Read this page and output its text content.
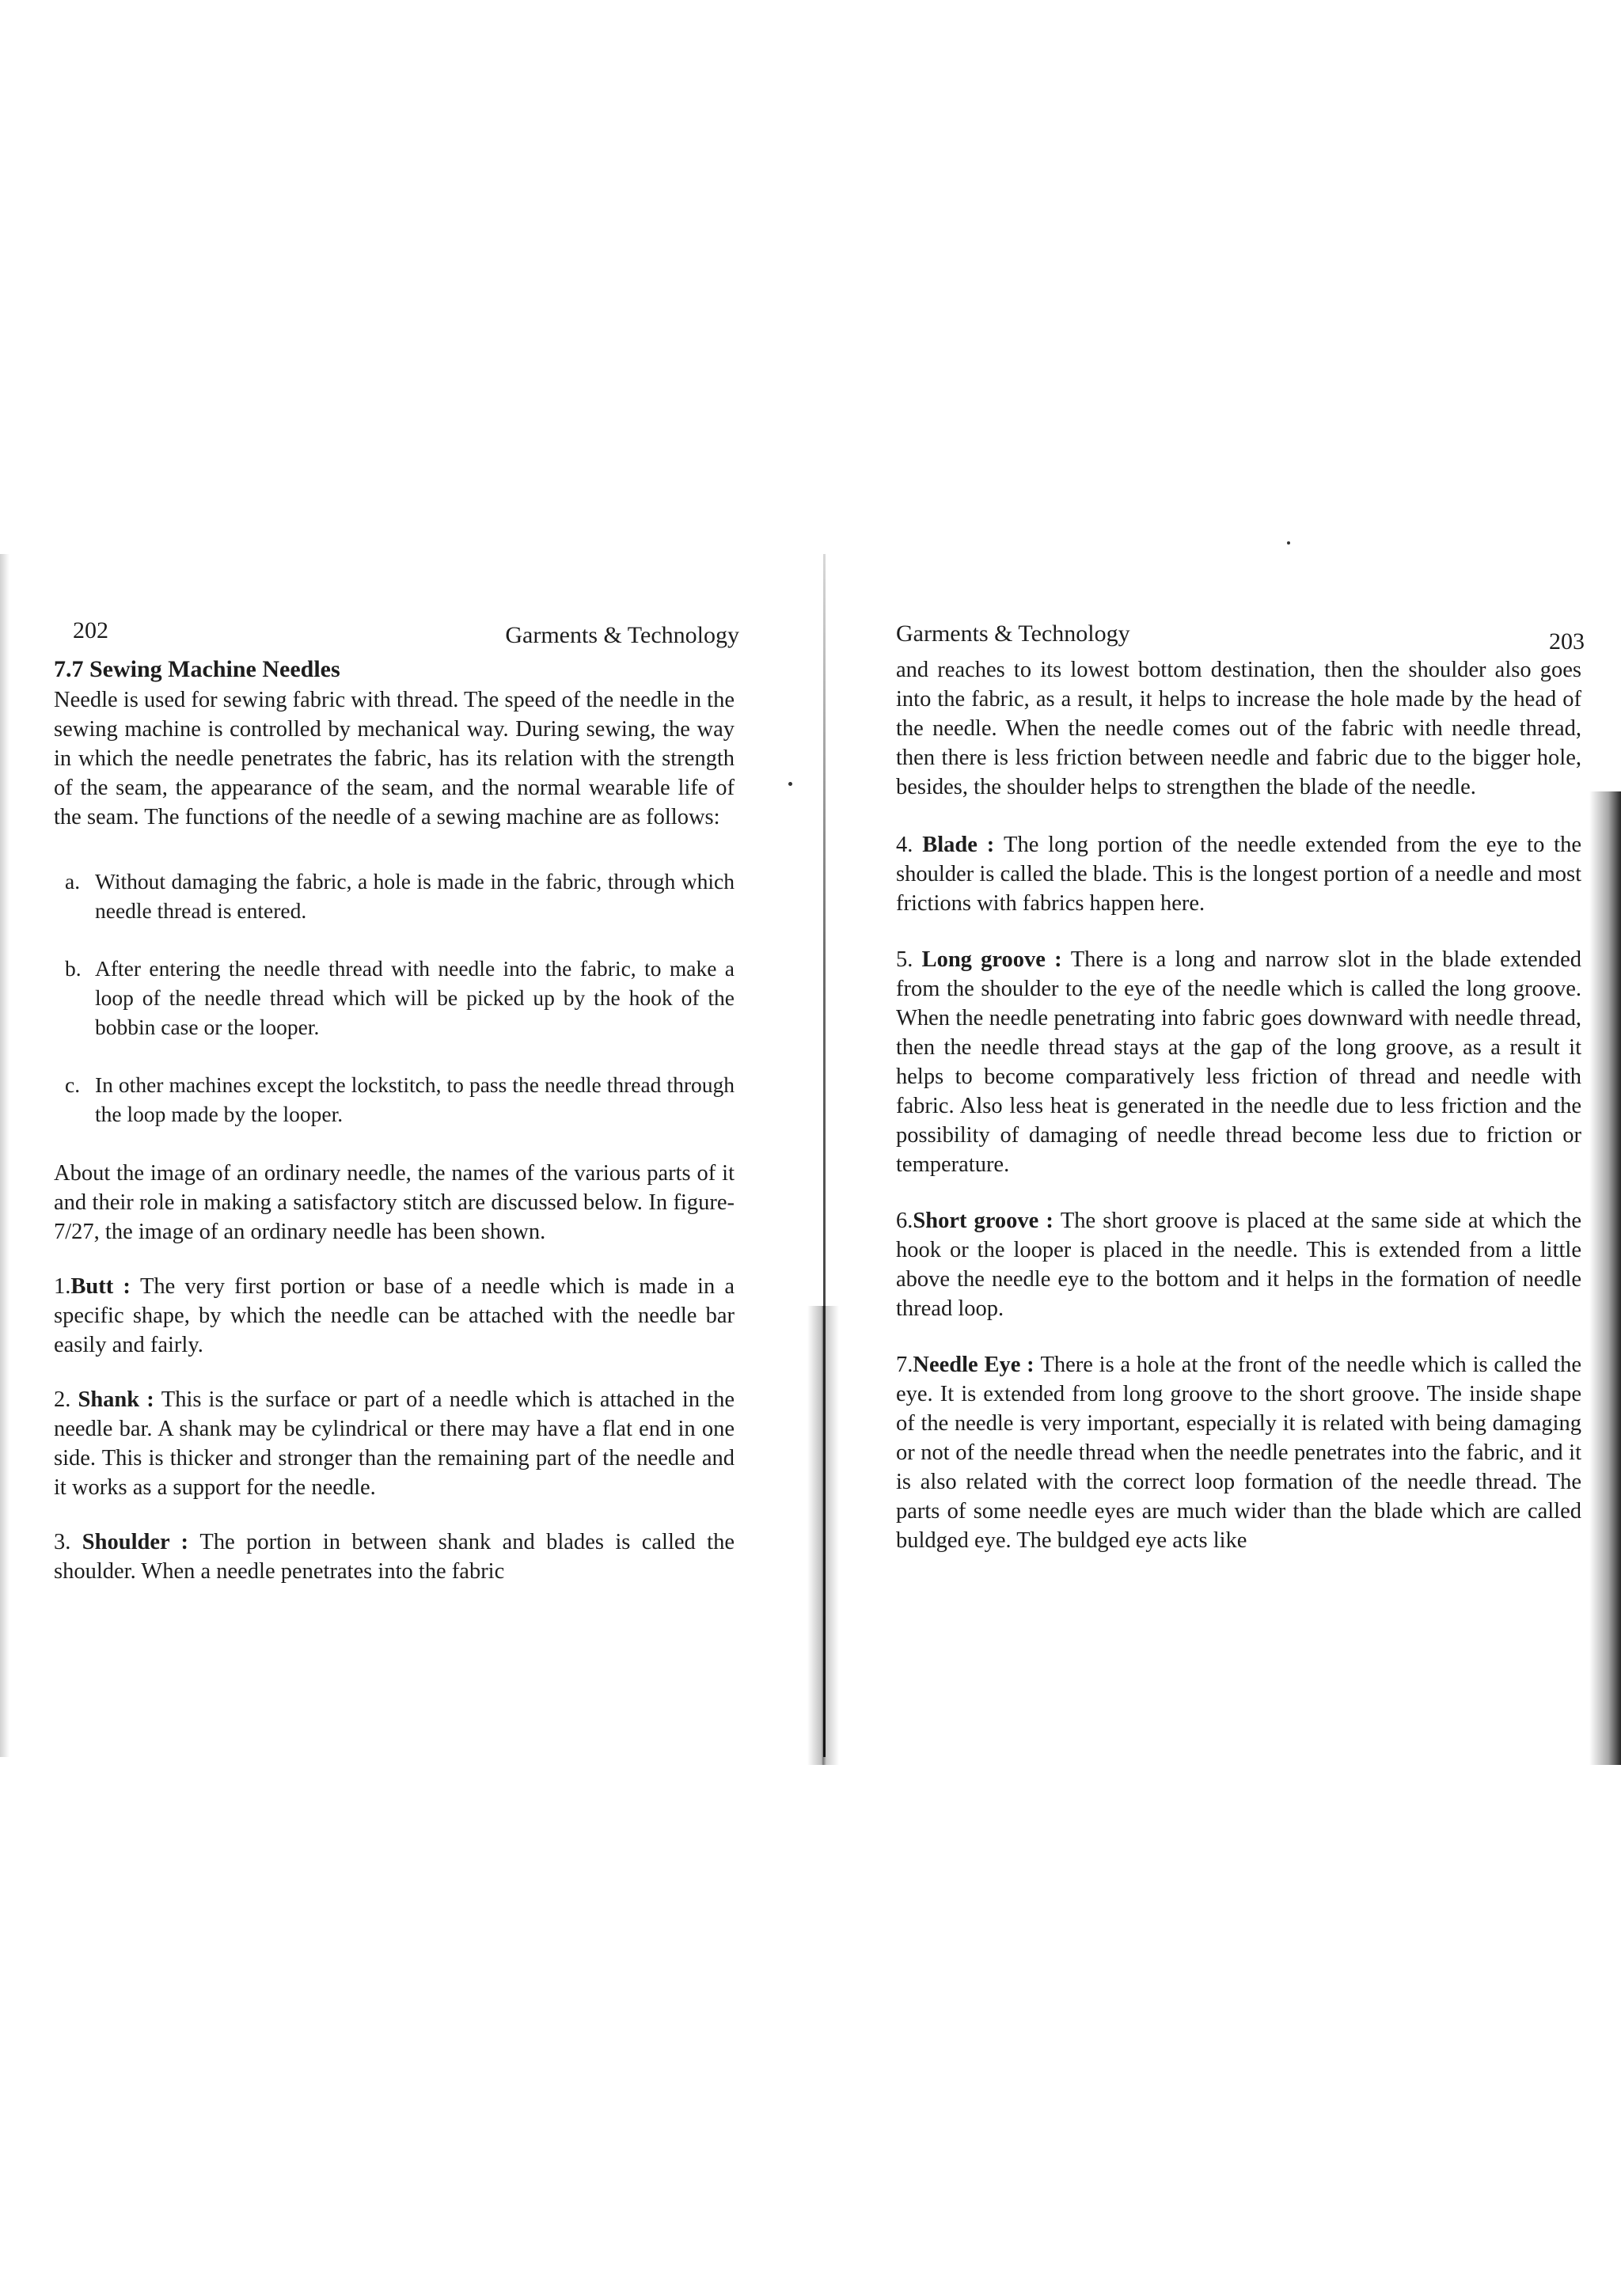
202	Garments & Technology
7.7 Sewing Machine Needles

Needle is used for sewing fabric with thread. The speed of the needle in the sewing machine is controlled by mechanical way. During sewing, the way in which the needle penetrates the fabric, has its relation with the strength of the seam, the appearance of the seam, and the normal wearable life of the seam. The functions of the needle of a sewing machine are as follows:

a. Without damaging the fabric, a hole is made in the fabric, through which needle thread is entered.
b. After entering the needle thread with needle into the fabric, to make a loop of the needle thread which will be picked up by the hook of the bobbin case or the looper.
c. In other machines except the lockstitch, to pass the needle thread through the loop made by the looper.

About the image of an ordinary needle, the names of the various parts of it and their role in making a satisfactory stitch are discussed below. In figure-7/27, the image of an ordinary needle has been shown.

1.Butt : The very first portion or base of a needle which is made in a specific shape, by which the needle can be attached with the needle bar easily and fairly.

2. Shank : This is the surface or part of a needle which is attached in the needle bar. A shank may be cylindrical or there may have a flat end in one side. This is thicker and stronger than the remaining part of the needle and it works as a support for the needle.

3. Shoulder : The portion in between shank and blades is called the shoulder. When a needle penetrates into the fabric

Garments & Technology	203

and reaches to its lowest bottom destination, then the shoulder also goes into the fabric, as a result, it helps to increase the hole made by the head of the needle. When the needle comes out of the fabric with needle thread, then there is less friction between needle and fabric due to the bigger hole, besides, the shoulder helps to strengthen the blade of the needle.

4. Blade : The long portion of the needle extended from the eye to the shoulder is called the blade. This is the longest portion of a needle and most frictions with fabrics happen here.

5. Long groove : There is a long and narrow slot in the blade extended from the shoulder to the eye of the needle which is called the long groove. When the needle penetrating into fabric goes downward with needle thread, then the needle thread stays at the gap of the long groove, as a result it helps to become comparatively less friction of thread and needle with fabric. Also less heat is generated in the needle due to less friction and the possibility of damaging of needle thread become less due to friction or temperature.

6.Short groove : The short groove is placed at the same side at which the hook or the looper is placed in the needle. This is extended from a little above the needle eye to the bottom and it helps in the formation of needle thread loop.

7.Needle Eye : There is a hole at the front of the needle which is called the eye. It is extended from long groove to the short groove. The inside shape of the needle is very important, especially it is related with being damaging or not of the needle thread when the needle penetrates into the fabric, and it is also related with the correct loop formation of the needle thread. The parts of some needle eyes are much wider than the blade which are called buldged eye. The buldged eye acts like
